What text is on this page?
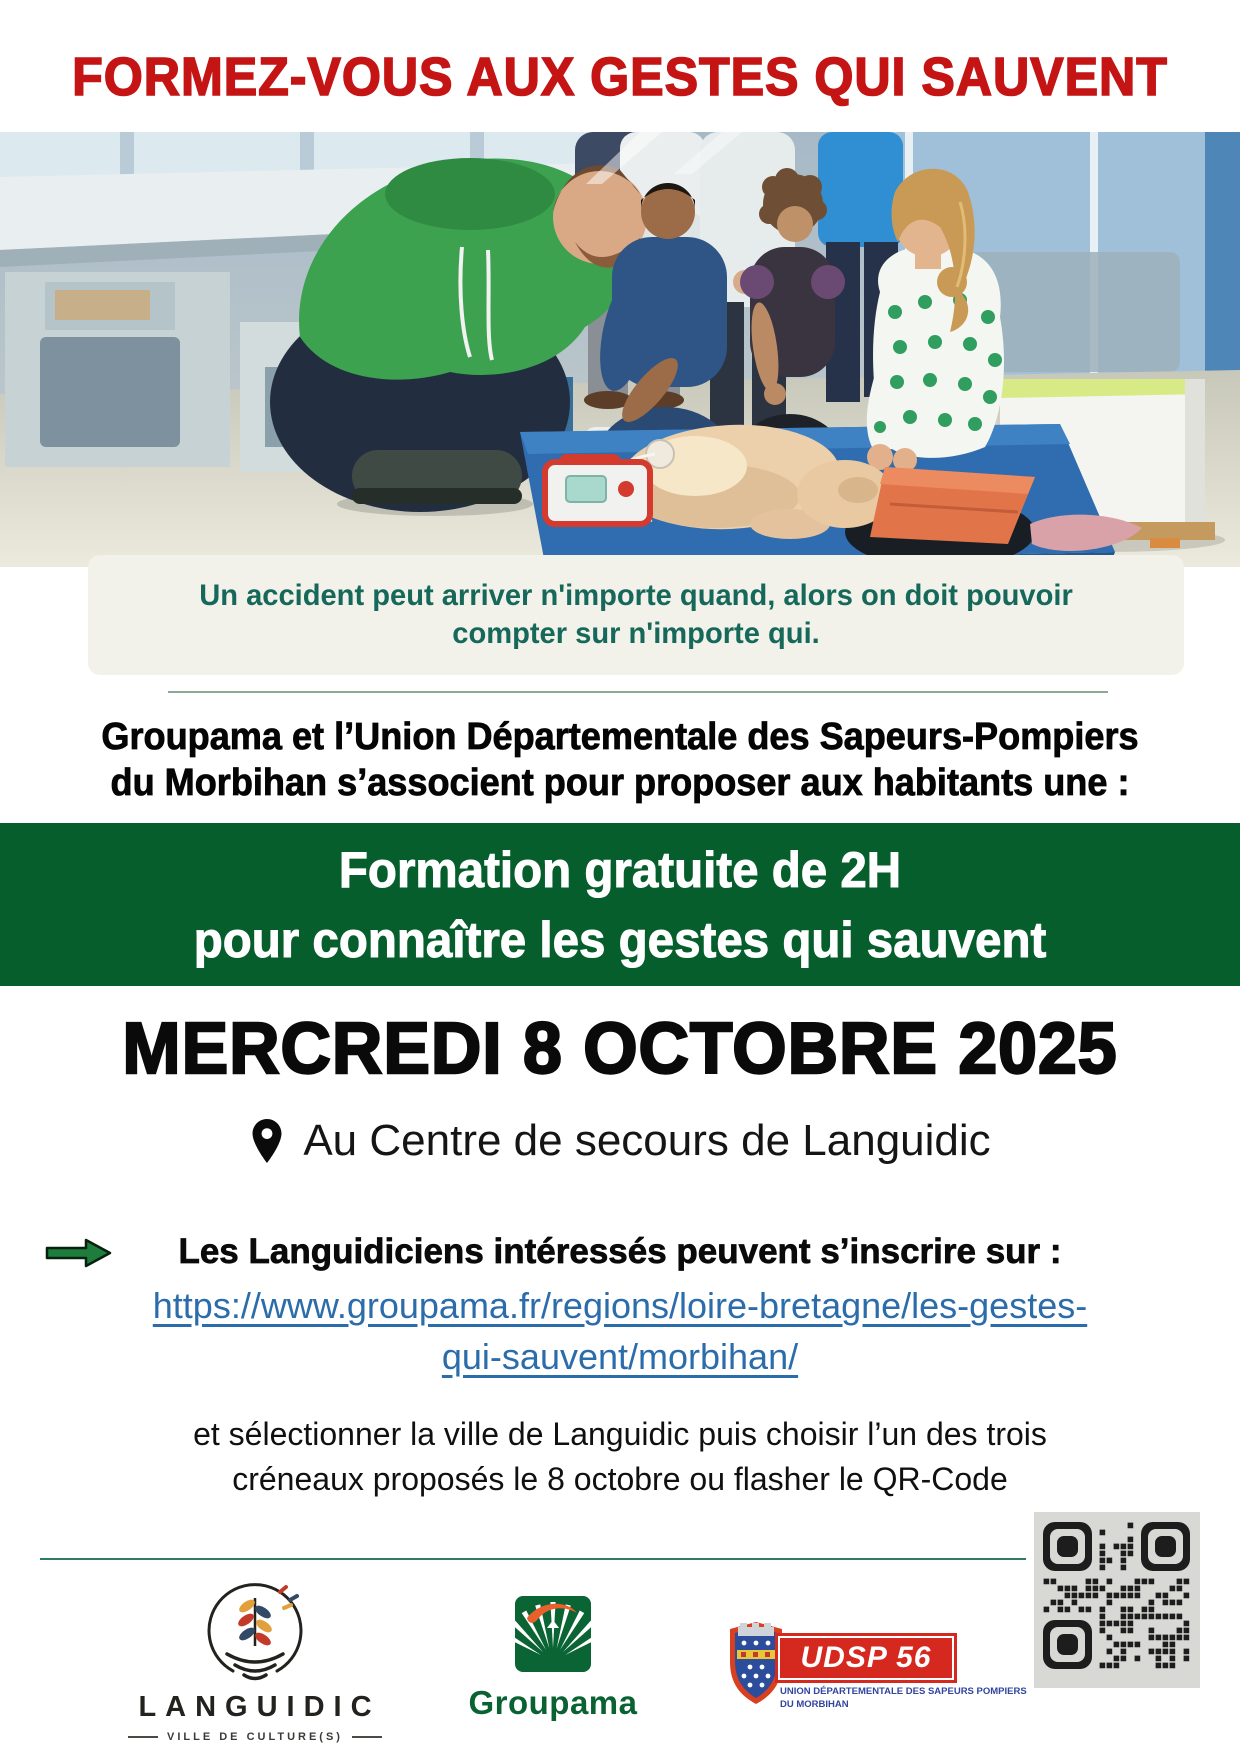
FORMEZ-VOUS AUX GESTES QUI SAUVENT
Un accident peut arriver n'importe quand, alors on doit pouvoir
compter sur n'importe qui.
Groupama et l’Union Départementale des Sapeurs-Pompiers
du Morbihan s’associent pour proposer aux habitants une :
Formation gratuite de 2H
pour connaître les gestes qui sauvent
MERCREDI 8 OCTOBRE 2025
Au Centre de secours de Languidic
Les Languidiciens intéressés peuvent s’inscrire sur :
https://www.groupama.fr/regions/loire-bretagne/les-gestes-
qui-sauvent/morbihan/
et sélectionner la ville de Languidic puis choisir l’un des trois
créneaux proposés le 8 octobre ou flasher le QR-Code
LANGUIDIC
VILLE DE CULTURE(S)
Groupama
UDSP 56
UNION DÉPARTEMENTALE DES SAPEURS POMPIERS
DU MORBIHAN
